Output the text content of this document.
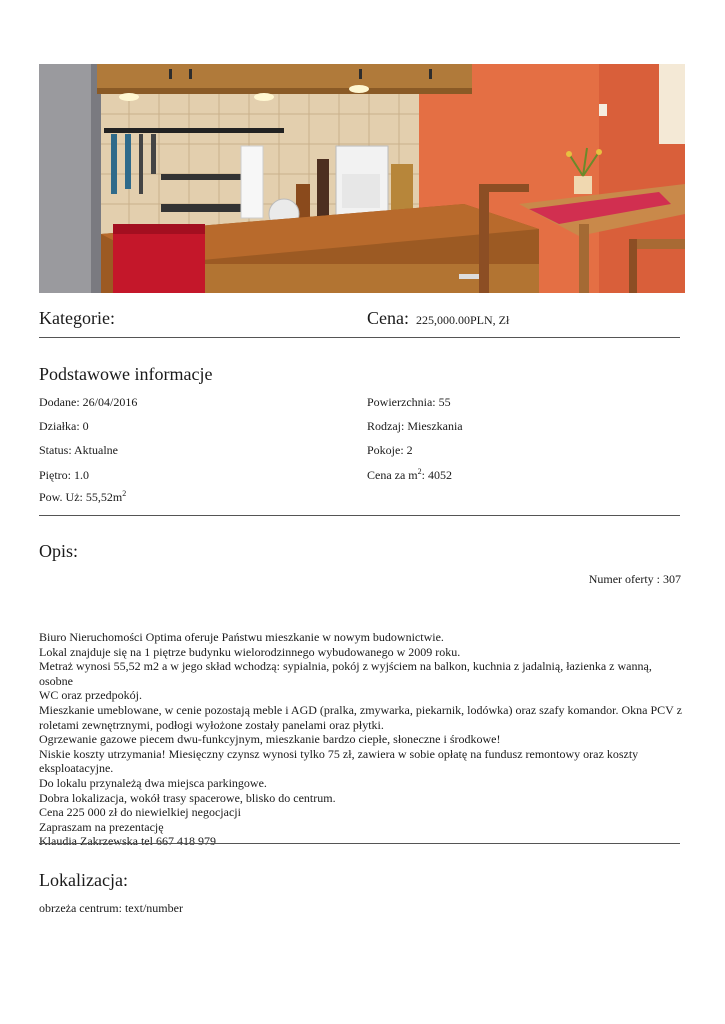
Kategorie:	Cena: 225,000.00PLN, Zł
Podstawowe informacje
Dodane: 26/04/2016
Działka: 0
Status: Aktualne
Piętro: 1.0
Pow. Uż: $55,52m^2$
Powierzchnia: 55
Rodzaj: Mieszkania
Pokoje: 2
Cena za $m^2$: 4052
Opis:
Numer oferty : 307
Biuro Nieruchomości Optima oferuje Państwu mieszkanie w nowym budownictwie.
Lokal znajduje się na 1 piętrze budynku wielorodzinnego wybudowanego w 2009 roku.
Metraż wynosi 55,52 m2 a w jego skład wchodzą: sypialnia, pokój z wyjściem na balkon, kuchnia z jadalnią, łazienka z wanną, osobne
WC oraz przedpokój.
Mieszkanie umeblowane, w cenie pozostają meble i AGD (pralka, zmywarka, piekarnik, lodówka) oraz szafy komandor. Okna PCV z
roletami zewnętrznymi, podłogi wyłożone zostały panelami oraz płytki.
Ogrzewanie gazowe piecem dwu-funkcyjnym, mieszkanie bardzo ciepłe, słoneczne i środkowe!
Niskie koszty utrzymania! Miesięczny czynsz wynosi tylko 75 zł, zawiera w sobie opłatę na fundusz remontowy oraz koszty
eksploatacyjne.
Do lokalu przynależą dwa miejsca parkingowe.
Dobra lokalizacja, wokół trasy spacerowe, blisko do centrum.
Cena 225 000 zł do niewielkiej negocjacji
Zapraszam na prezentację
Klaudia Zakrzewska tel 667 418 979
Lokalizacja:
obrzeża centrum: text/number
